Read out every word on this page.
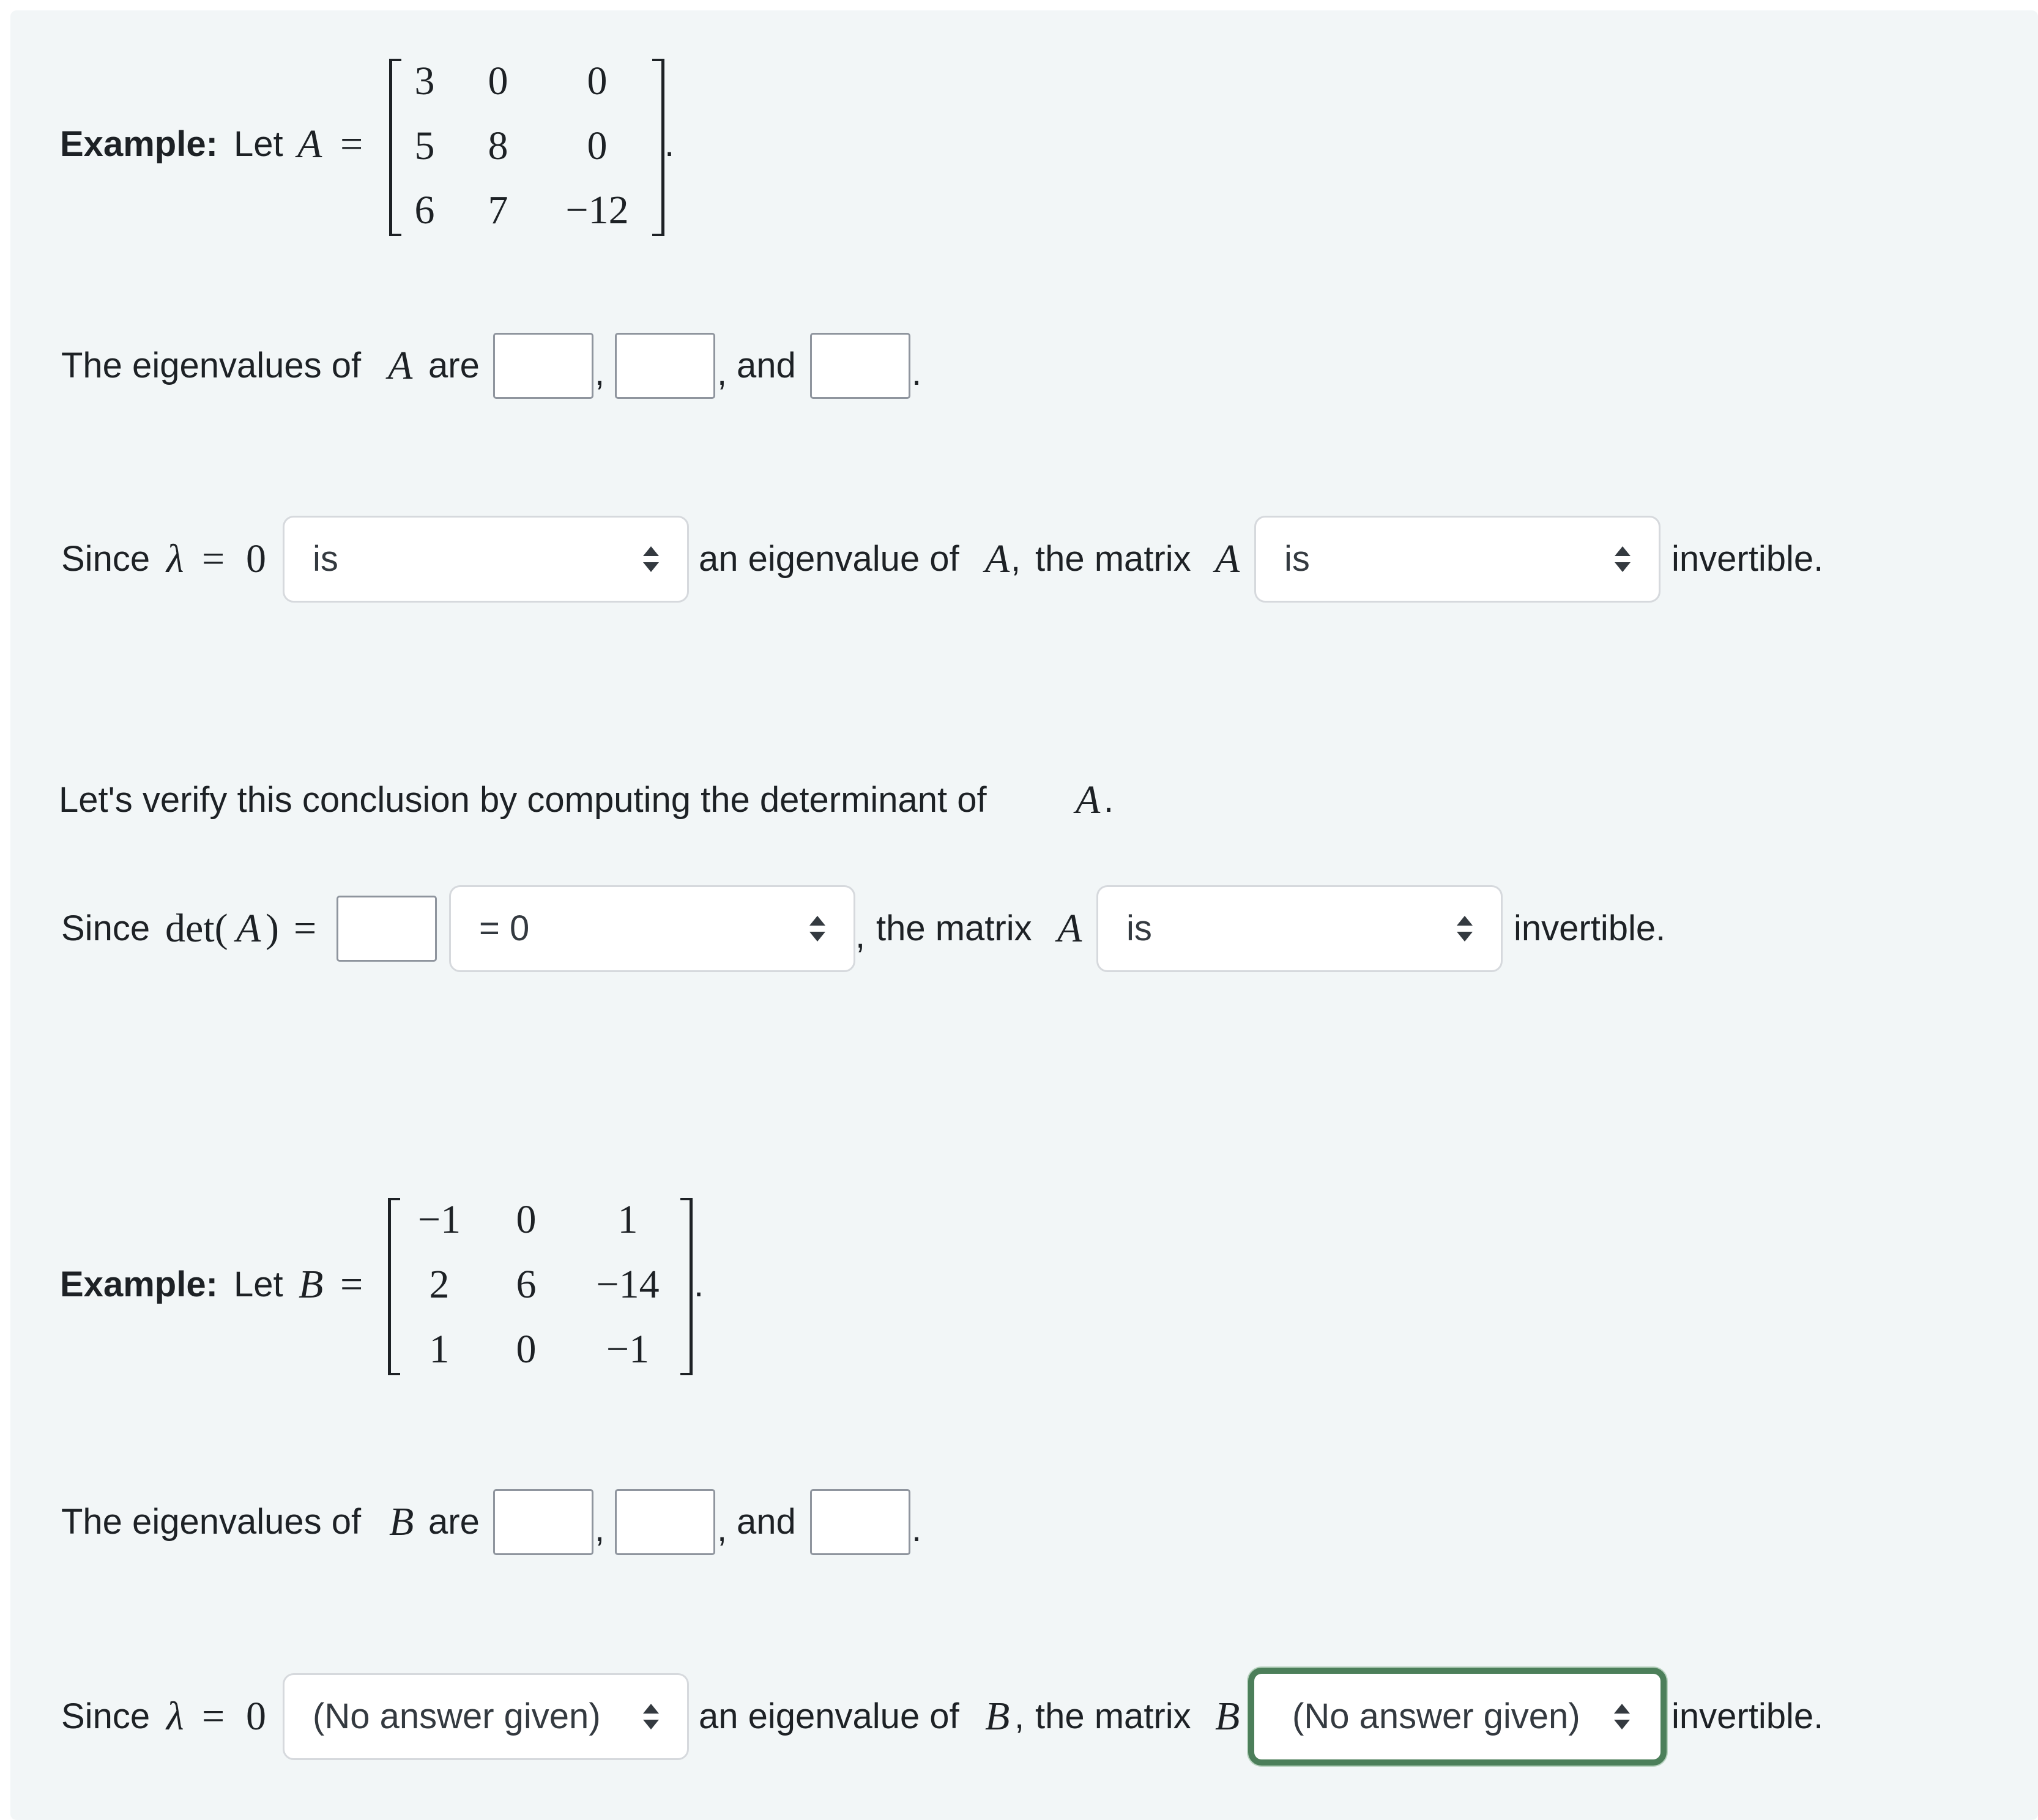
Example: Let A =
3 0 0
5 8 0
6 7 −12
.
The eigenvalues of A are	,	, and	.
Since λ = 0 is	an eigenvalue of A , the matrix A is	invertible.
Let's verify this conclusion by computing the determinant of A .
Since det( A ) =	= 0	, the matrix A is	invertible.
Example: Let B =
−1 0 1
2 6 −14
1 0 −1
.
The eigenvalues of B are	,	, and	.
Since λ = 0 (No answer given)	an eigenvalue of B , the matrix B (No answer given)	invertible.
